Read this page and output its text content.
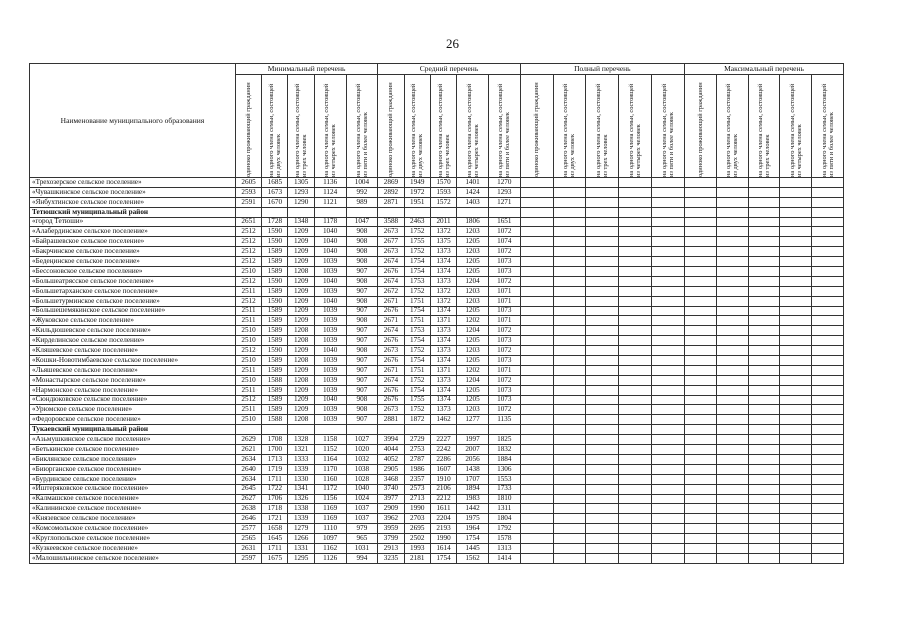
26
Наименование муниципального образования	Минимальный перечень					Средний перечень					Полный перечень					Максимальный перечень				

	одиноко проживающий гражданин	на одного члена семьи, состоящей из двух человек	на одного члена семьи, состоящей из трех человек	на одного члена семьи, состоящей из четырех человек	на одного члена семьи, состоящей из пяти и более человек	одиноко проживающий гражданин	на одного члена семьи, состоящей из двух человек	на одного члена семьи, состоящей из трех человек	на одного члена семьи, состоящей из четырех человек	на одного члена семьи, состоящей из пяти и более человек	одиноко проживающий гражданин	на одного члена семьи, состоящей из двух человек	на одного члена семьи, состоящей из трех человек	на одного члена семьи, состоящей из четырех человек	на одного члена семьи, состоящей из пяти и более человек	одиноко проживающий гражданин	на одного члена семьи, состоящей из двух человек	на одного члена семьи, состоящей из трех человек	на одного члена семьи, состоящей из четырех человек	на одного члена семьи, состоящей из пяти и более человек

«Трехозерское сельское поселение»	2605	1685	1305	1136	1004	2869	1949	1570	1401	1270										
«Чувашкинское сельское поселение»	2593	1673	1293	1124	992	2892	1972	1593	1424	1293										
«Янбухтинское сельское поселение»	2591	1670	1290	1121	989	2871	1951	1572	1403	1271										
Тетюшский муниципальный район																				
«город Тетюши»	2651	1728	1348	1178	1047	3588	2463	2011	1806	1651										
«Алабердинское сельское поселение»	2512	1590	1209	1040	908	2673	1752	1372	1203	1072										
«Байрашевское сельское поселение»	2512	1590	1209	1040	908	2677	1755	1375	1205	1074										
«Бакрчинское сельское поселение»	2512	1589	1209	1040	908	2673	1752	1373	1203	1072										
«Бедеңинское сельское поселение»	2512	1589	1209	1039	908	2674	1754	1374	1205	1073										
«Бессоновское сельское поселение»	2510	1589	1208	1039	907	2676	1754	1374	1205	1073										
«Большеатрясское сельское поселение»	2512	1590	1209	1040	908	2674	1753	1373	1204	1072										
«Большетарханское сельское поселение»	2511	1589	1209	1039	907	2672	1752	1372	1203	1071										
«Большетурминское сельское поселение»	2512	1590	1209	1040	908	2671	1751	1372	1203	1071										
«Большешемякинское сельское поселение»	2511	1589	1209	1039	907	2676	1754	1374	1205	1073										
«Жуковское сельское поселение»	2511	1589	1209	1039	908	2671	1751	1371	1202	1071										
«Кильдюшевское сельское поселение»	2510	1589	1208	1039	907	2674	1753	1373	1204	1072										
«Кирделинское сельское поселение»	2510	1589	1208	1039	907	2676	1754	1374	1205	1073										
«Кляшевское сельское поселение»	2512	1590	1209	1040	908	2673	1752	1373	1203	1072										
«Кошки-Новотимбаевское сельское поселение»	2510	1589	1208	1039	907	2676	1754	1374	1205	1073										
«Льяшевское сельское поселение»	2511	1589	1209	1039	907	2671	1751	1371	1202	1071										
«Монастырское сельское поселение»	2510	1588	1208	1039	907	2674	1752	1373	1204	1072										
«Нармонское сельское поселение»	2511	1589	1209	1039	907	2676	1754	1374	1205	1073										
«Сюндюковское сельское поселение»	2512	1589	1209	1040	908	2676	1755	1374	1205	1073										
«Урюмское сельское поселение»	2511	1589	1209	1039	908	2673	1752	1373	1203	1072										
«Федоровское сельское поселение»	2510	1588	1208	1039	907	2881	1872	1462	1277	1135										
Тукаевский муниципальный район																				
«Азьмушкинское сельское поселение»	2629	1708	1328	1158	1027	3994	2729	2227	1997	1825										
«Бетькинское сельское поселение»	2621	1700	1321	1152	1020	4044	2753	2242	2007	1832										
«Биклянское сельское поселение»	2634	1713	1333	1164	1032	4052	2787	2286	2056	1884										
«Биюрганское сельское поселение»	2640	1719	1339	1170	1038	2905	1986	1607	1438	1306										
«Бурдинское сельское поселение»	2634	1711	1330	1160	1028	3468	2357	1910	1707	1553										
«Иштеряковское сельское поселение»	2645	1722	1341	1172	1040	3740	2573	2106	1894	1733										
«Калмашское сельское поселение»	2627	1706	1326	1156	1024	3977	2713	2212	1983	1810										
«Калининское сельское поселение»	2638	1718	1338	1169	1037	2909	1990	1611	1442	1311										
«Князевское сельское поселение»	2646	1721	1339	1169	1037	3962	2703	2204	1975	1804										
«Комсомольское сельское поселение»	2577	1658	1279	1110	979	3959	2695	2193	1964	1792										
«Круглопольское сельское поселение»	2565	1645	1266	1097	965	3799	2502	1990	1754	1578										
«Кузкеевское сельское поселение»	2631	1711	1331	1162	1031	2913	1993	1614	1445	1313										
«Малошильнинское сельское поселение»	2597	1675	1295	1126	994	3235	2181	1754	1562	1414										
